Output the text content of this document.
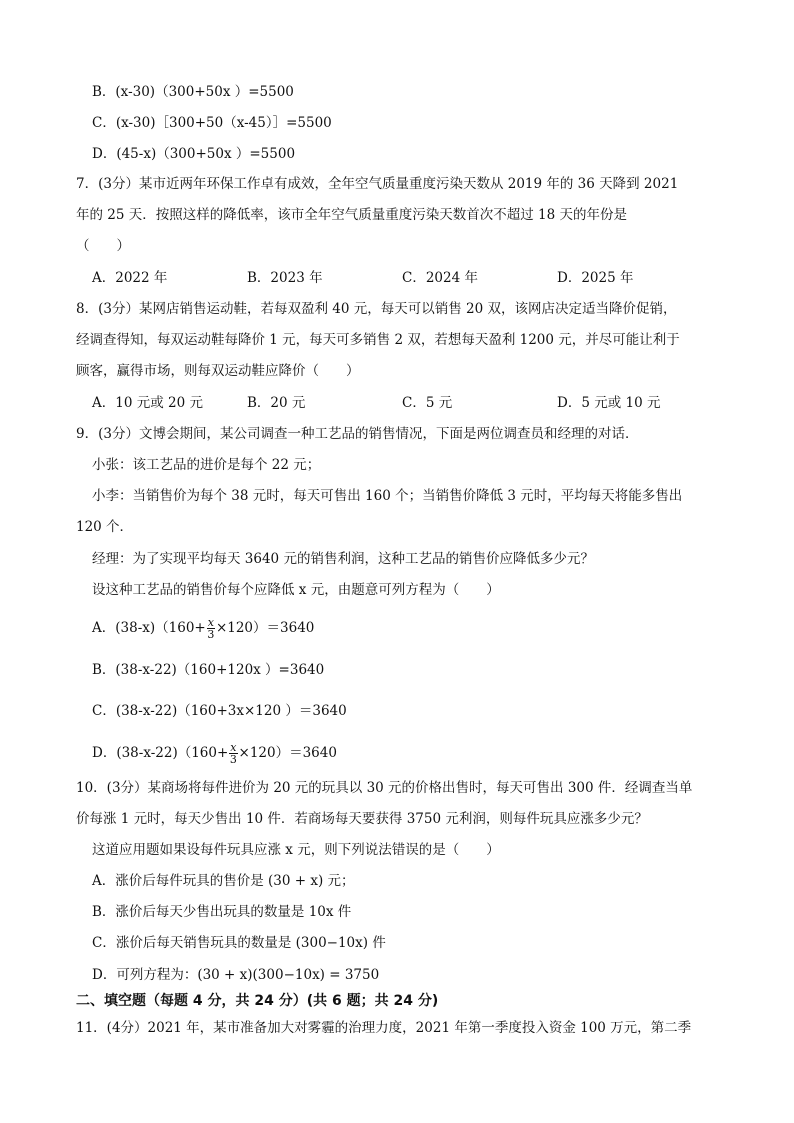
B．(x-30)（300+50x ）=5500
C．(x-30)［300+50（x-45）］=5500
D．(45-x)（300+50x ）=5500
7．(3分）某市近两年环保工作卓有成效，全年空气质量重度污染天数从 2019 年的 36 天降到 2021
年的 25 天．按照这样的降低率，该市全年空气质量重度污染天数首次不超过 18 天的年份是
（　　）
A．2022 年	B．2023 年	C．2024 年	D．2025 年
8．(3分）某网店销售运动鞋，若每双盈利 40 元，每天可以销售 20 双，该网店决定适当降价促销，
经调查得知，每双运动鞋每降价 1 元，每天可多销售 2 双，若想每天盈利 1200 元，并尽可能让利于
顾客，赢得市场，则每双运动鞋应降价（　　）
A．10 元或 20 元	B．20 元	C．5 元	D．5 元或 10 元
9．(3分）文博会期间，某公司调查一种工艺品的销售情况，下面是两位调查员和经理的对话．
小张：该工艺品的进价是每个 22 元；
小李：当销售价为每个 38 元时，每天可售出 160 个；当销售价降低 3 元时，平均每天将能多售出
120 个．
经理：为了实现平均每天 3640 元的销售利润，这种工艺品的销售价应降低多少元？
设这种工艺品的销售价每个应降低 x 元，由题意可列方程为（　　）
A．$(38-x)(160+ \frac{x}{3} \times 120)=3640$
B．(38-x-22)（160+120x ）=3640
C．(38-x-22)（160+3x×120 ）＝3640
D．$(38-x-22)(160+ \frac{x}{3} \times 120)=3640$
10．(3分）某商场将每件进价为 20 元的玩具以 30 元的价格出售时，每天可售出 300 件．经调查当单
价每涨 1 元时，每天少售出 10 件．若商场每天要获得 3750 元利润，则每件玩具应涨多少元？
这道应用题如果设每件玩具应涨 x 元，则下列说法错误的是（　　）
A．涨价后每件玩具的售价是 (30 + x) 元；
B．涨价后每天少售出玩具的数量是 10x 件
C．涨价后每天销售玩具的数量是 (300−10x) 件
D．可列方程为：(30 + x)(300−10x) = 3750
二、填空题（每题 4 分，共 24 分）(共 6 题；共 24 分)
11．(4分）2021 年，某市准备加大对雾霾的治理力度，2021 年第一季度投入资金 100 万元，第二季
